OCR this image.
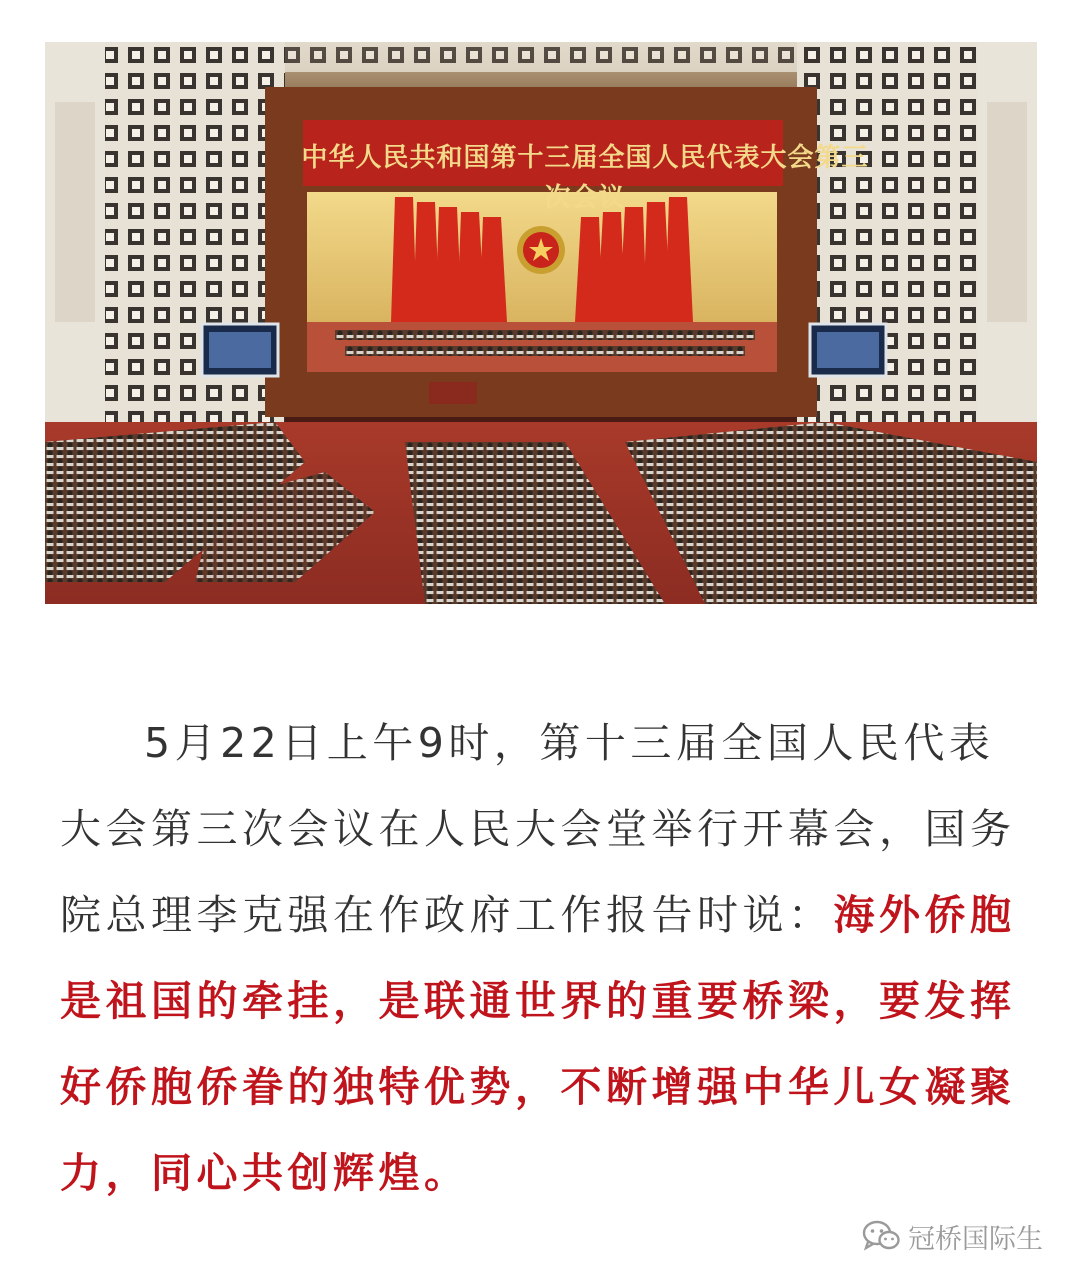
中华人民共和国第十三届全国人民代表大会第三次会议

5月22日上午9时，第十三届全国人民代表大会第三次会议在人民大会堂举行开幕会，国务院总理李克强在作政府工作报告时说：海外侨胞是祖国的牵挂，是联通世界的重要桥梁，要发挥好侨胞侨眷的独特优势，不断增强中华儿女凝聚力，同心共创辉煌。

冠桥国际生
